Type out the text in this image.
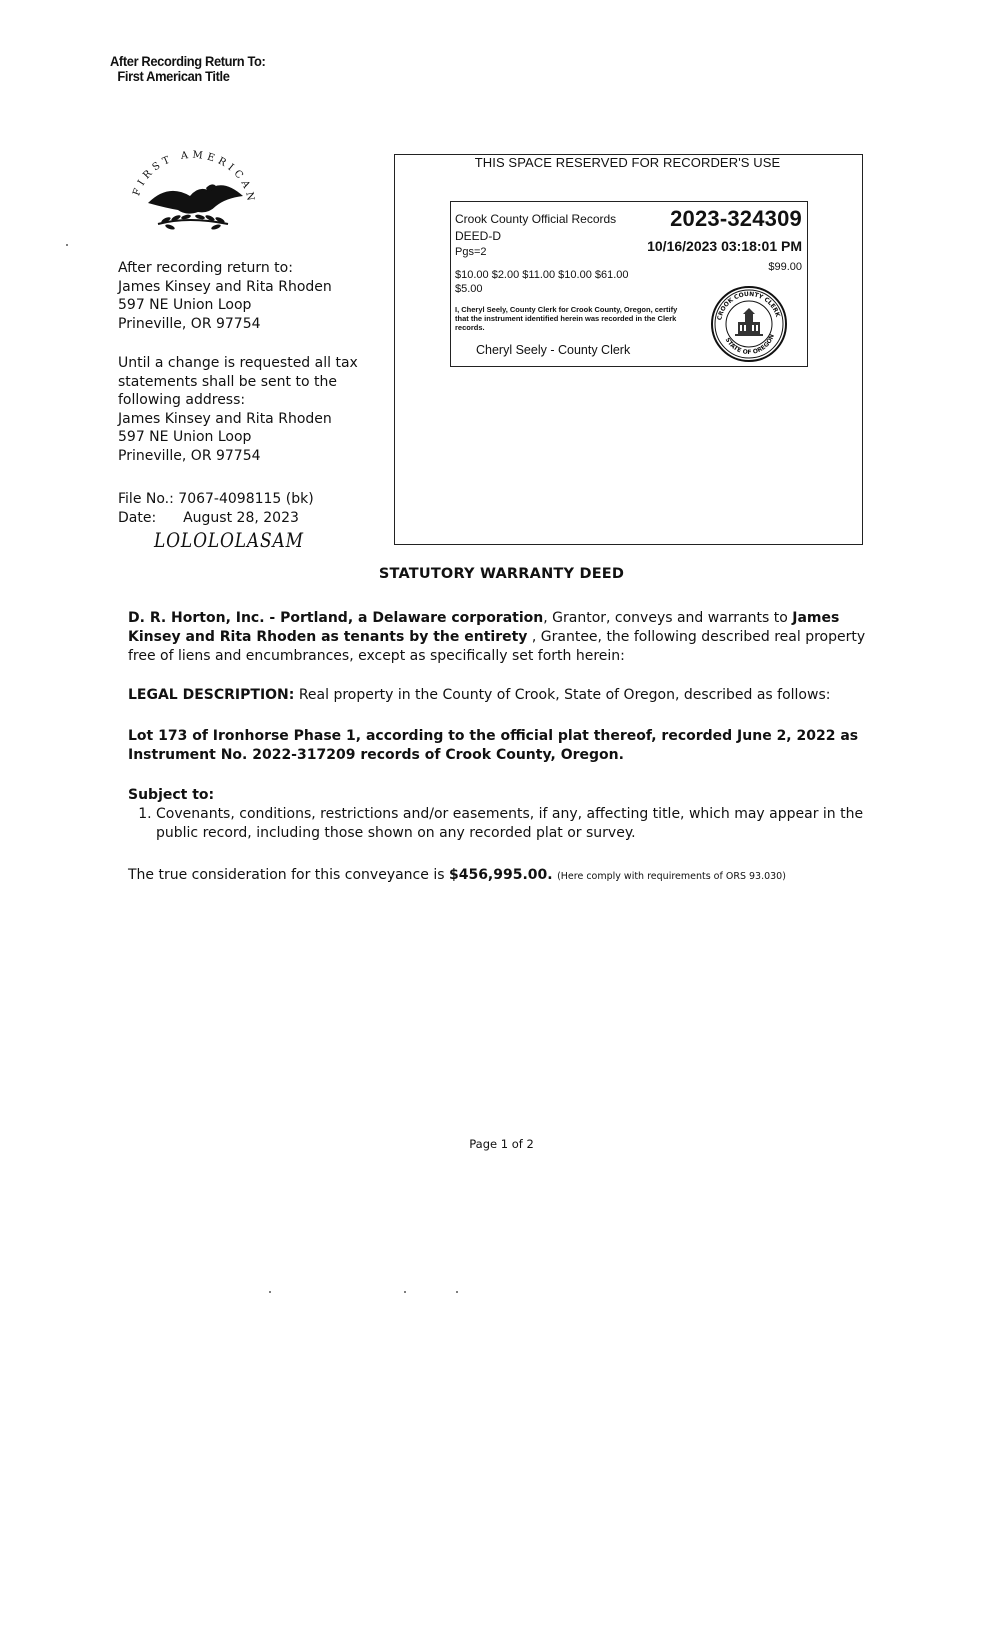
After Recording Return To:
First American Title
FIRST AMERICAN
After recording return to:
James Kinsey and Rita Rhoden
597 NE Union Loop
Prineville, OR 97754
Until a change is requested all tax
statements shall be sent to the
following address:
James Kinsey and Rita Rhoden
597 NE Union Loop
Prineville, OR 97754
File No.: 7067-4098115 (bk)
Date: August 28, 2023
LOLOLOLASAM
THIS SPACE RESERVED FOR RECORDER'S USE
Crook County Official Records 2023-324309
DEED-D
10/16/2023 03:18:01 PM
Pgs=2
$99.00
$10.00 $2.00 $11.00 $10.00 $61.00
$5.00
I, Cheryl Seely, County Clerk for Crook County, Oregon, certify that the instrument identified herein was recorded in the Clerk records.
Cheryl Seely - County Clerk
CROOK COUNTY CLERK
STATE OF OREGON
STATUTORY WARRANTY DEED
D. R. Horton, Inc. - Portland, a Delaware corporation, Grantor, conveys and warrants to James Kinsey and Rita Rhoden as tenants by the entirety , Grantee, the following described real property free of liens and encumbrances, except as specifically set forth herein:
LEGAL DESCRIPTION: Real property in the County of Crook, State of Oregon, described as follows:
Lot 173 of Ironhorse Phase 1, according to the official plat thereof, recorded June 2, 2022 as Instrument No. 2022-317209 records of Crook County, Oregon.
Subject to:
1. Covenants, conditions, restrictions and/or easements, if any, affecting title, which may appear in the public record, including those shown on any recorded plat or survey.
The true consideration for this conveyance is $456,995.00. (Here comply with requirements of ORS 93.030)
Page 1 of 2
